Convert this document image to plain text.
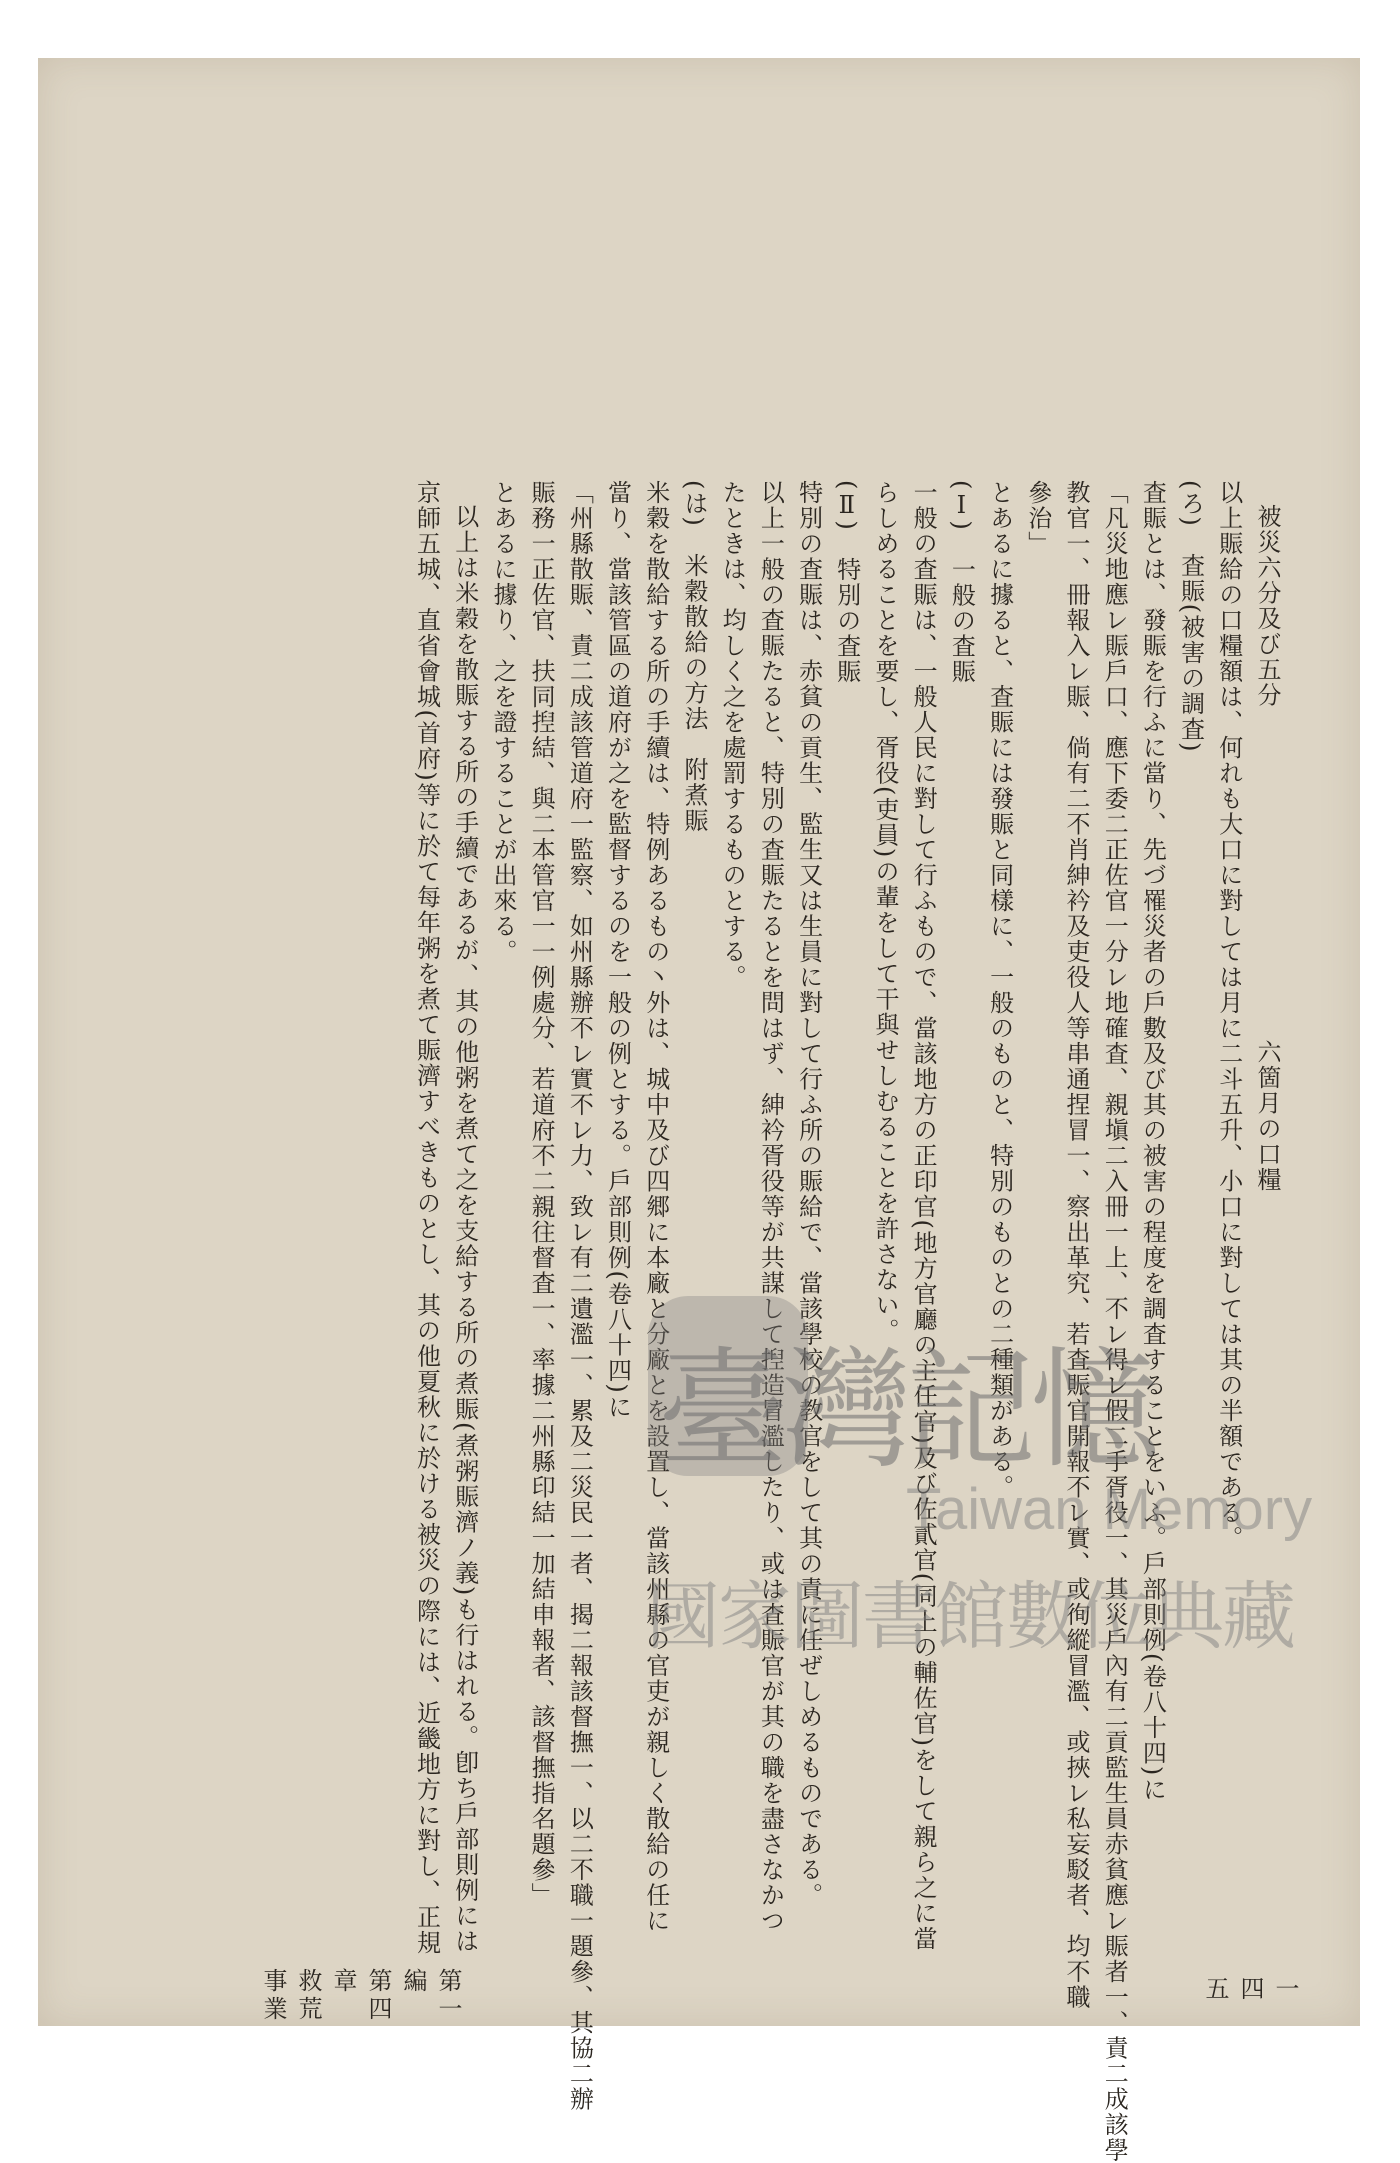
被災六分及び五分　　　　　　　　　　　　　六箇月の口糧

以上賑給の口糧額は、何れも大口に對しては月に二斗五升、小口に對しては其の半額である。

(ろ)　査賑(被害の調査)

査賑とは、發賑を行ふに當り、先づ罹災者の戶數及び其の被害の程度を調査することをいふ。戶部則例(卷八十四)に

「凡災地應レ賑戶口、應下委二正佐官一分レ地確査、親塡二入冊一上、不レ得レ假二手胥役一、其災戶內有二貢監生員赤貧應レ賑者一、責二成該學

教官一、冊報入レ賑、倘有二不肖紳衿及吏役人等串通捏冒一、察出革究、若査賑官開報不レ實、或徇縱冒濫、或挾レ私妄駁者、均不職

參治」

とあるに據ると、査賑には發賑と同樣に、一般のものと、特別のものとの二種類がある。

(Ⅰ)　一般の査賑

一般の査賑は、一般人民に對して行ふもので、當該地方の正印官(地方官廳の主任官)及び佐貳官(同上の輔佐官)をして親ら之に當

らしめることを要し、胥役(吏員)の輩をして干與せしむることを許さない。

(Ⅱ)　特別の査賑

特別の査賑は、赤貧の貢生、監生又は生員に對して行ふ所の賑給で、當該學校の教官をして其の責に任ぜしめるものである。

以上一般の査賑たると、特別の査賑たるとを問はず、紳衿胥役等が共謀して揑造冒濫したり、或は査賑官が其の職を盡さなかつ

たときは、均しく之を處罰するものとする。

(は)　米穀散給の方法　附煮賑

米穀を散給する所の手續は、特例あるもの丶外は、城中及び四郷に本廠と分廠とを設置し、當該州縣の官吏が親しく散給の任に

當り、當該管區の道府が之を監督するのを一般の例とする。戶部則例(卷八十四)に

「州縣散賑、責二成該管道府一監察、如州縣辦不レ實不レ力、致レ有二遺濫一、累及二災民一者、揭二報該督撫一、以二不職一題參、其協二辦

賑務一正佐官、扶同揑結、與二本管官一一例處分、若道府不二親往督査一、率據二州縣印結一加結申報者、該督撫指名題參」

とあるに據り、之を證することが出來る。

以上は米穀を散賑する所の手續であるが、其の他粥を煮て之を支給する所の煮賑(煮粥賑濟ノ義)も行はれる。卽ち戶部則例には

京師五城、直省會城(首府)等に於て每年粥を煮て賑濟すべきものとし、其の他夏秋に於ける被災の際には、近畿地方に對し、正規

第一編　第四章　救荒事業	一四五
臺灣記憶
Taiwan Memory
國家圖書館數位典藏
